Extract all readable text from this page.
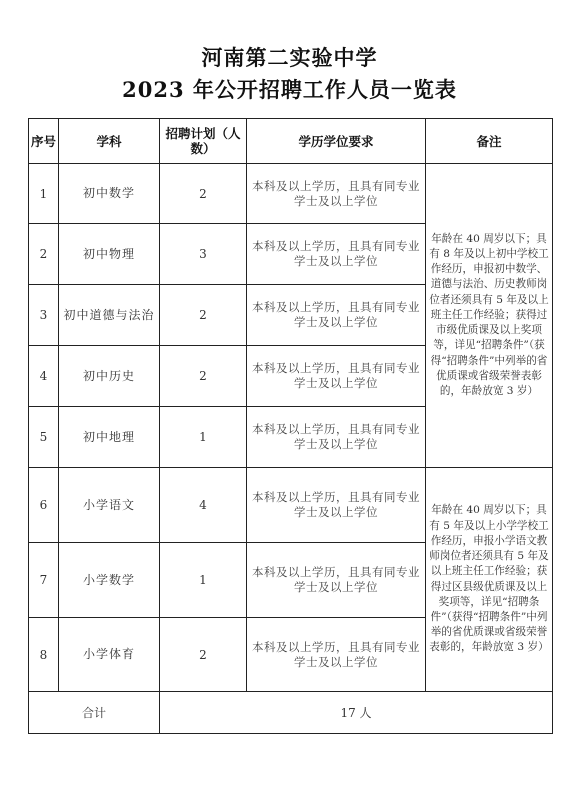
河南第二实验中学
2023 年公开招聘工作人员一览表
序号	学科	招聘计划（人数）	学历学位要求	备注
1	初中数学	2	本科及以上学历，且具有同专业学士及以上学位	年龄在 40 周岁以下；具有 8 年及以上初中学校工作经历，申报初中数学、道德与法治、历史教师岗位者还须具有 5 年及以上班主任工作经验；获得过市级优质课及以上奖项等，详见“招聘条件”（获得“招聘条件”中列举的省优质课或省级荣誉表彰的，年龄放宽 3 岁）
2	初中物理	3	本科及以上学历，且具有同专业学士及以上学位	
3	初中道德与法治	2	本科及以上学历，且具有同专业学士及以上学位	
4	初中历史	2	本科及以上学历，且具有同专业学士及以上学位	
5	初中地理	1	本科及以上学历，且具有同专业学士及以上学位	
6	小学语文	4	本科及以上学历，且具有同专业学士及以上学位	年龄在 40 周岁以下；具有 5 年及以上小学学校工作经历，申报小学语文教师岗位者还须具有 5 年及以上班主任工作经验；获得过区县级优质课及以上奖项等，详见“招聘条件”（获得“招聘条件”中列举的省优质课或省级荣誉表彰的，年龄放宽 3 岁）
7	小学数学	1	本科及以上学历，且具有同专业学士及以上学位	
8	小学体育	2	本科及以上学历，且具有同专业学士及以上学位	
合计		17 人		
